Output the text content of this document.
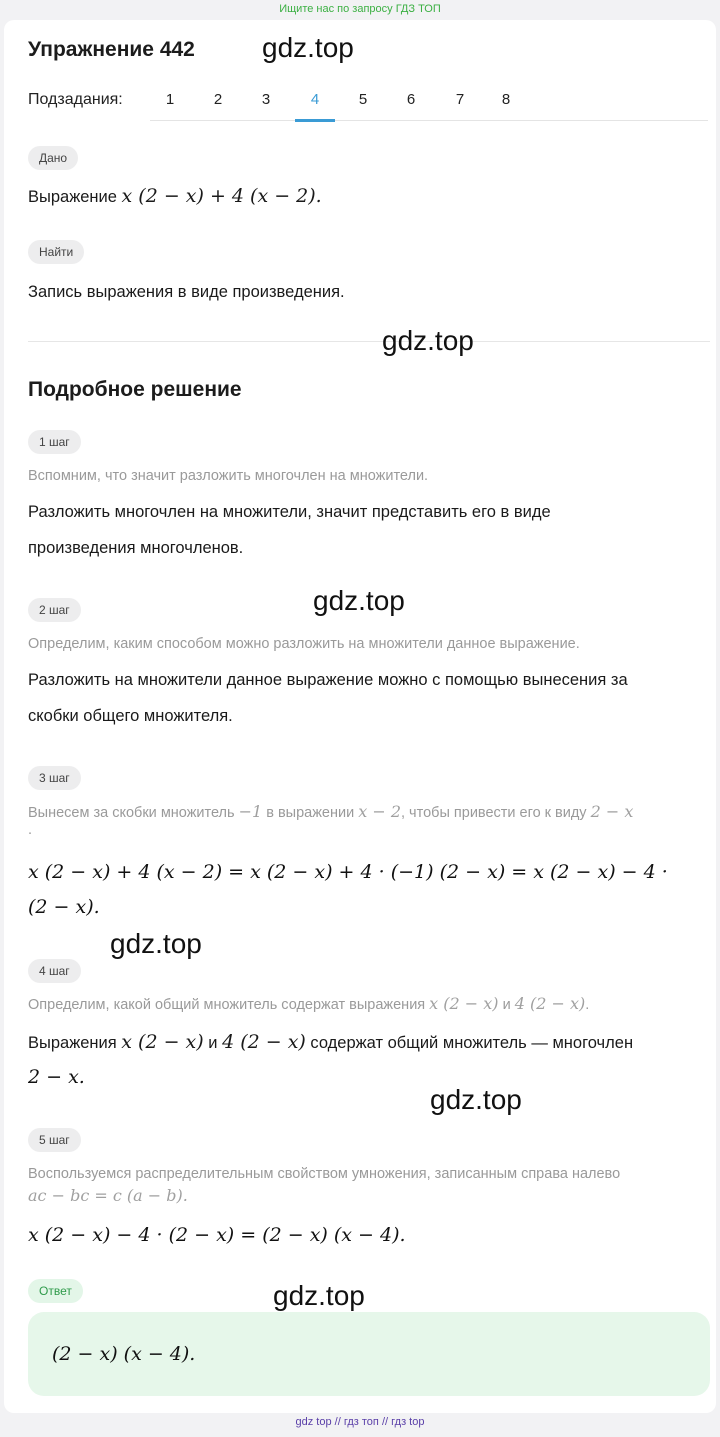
Ищите нас по запросу ГДЗ ТОП
Упражнение 442 gdz.top
Подзадания:	1	2	3	4	5	6	7	8
Дано
Выражение x (2 − x) + 4 (x − 2).
Найти
Запись выражения в виде произведения.
gdz.top
Подробное решение
1 шаг
Вспомним, что значит разложить многочлен на множители.
Разложить многочлен на множители, значит представить его в виде
произведения многочленов.
gdz.top
2 шаг
Определим, каким способом можно разложить на множители данное выражение.
Разложить на множители данное выражение можно с помощью вынесения за
скобки общего множителя.
3 шаг
Вынесем за скобки множитель −1 в выражении x − 2, чтобы привести его к виду 2 − x
.
x (2 − x) + 4 (x − 2) = x (2 − x) + 4 · (−1) (2 − x) = x (2 − x) − 4 ·
(2 − x).
gdz.top
4 шаг
Определим, какой общий множитель содержат выражения x (2 − x) и 4 (2 − x).
Выражения x (2 − x) и 4 (2 − x) содержат общий множитель — многочлен
2 − x.
gdz.top
5 шаг
Воспользуемся распределительным свойством умножения, записанным справа налево
ac − bc = c (a − b).
x (2 − x) − 4 · (2 − x) = (2 − x) (x − 4).
Ответ	gdz.top
(2 − x) (x − 4).
gdz top // гдз топ // гдз top
